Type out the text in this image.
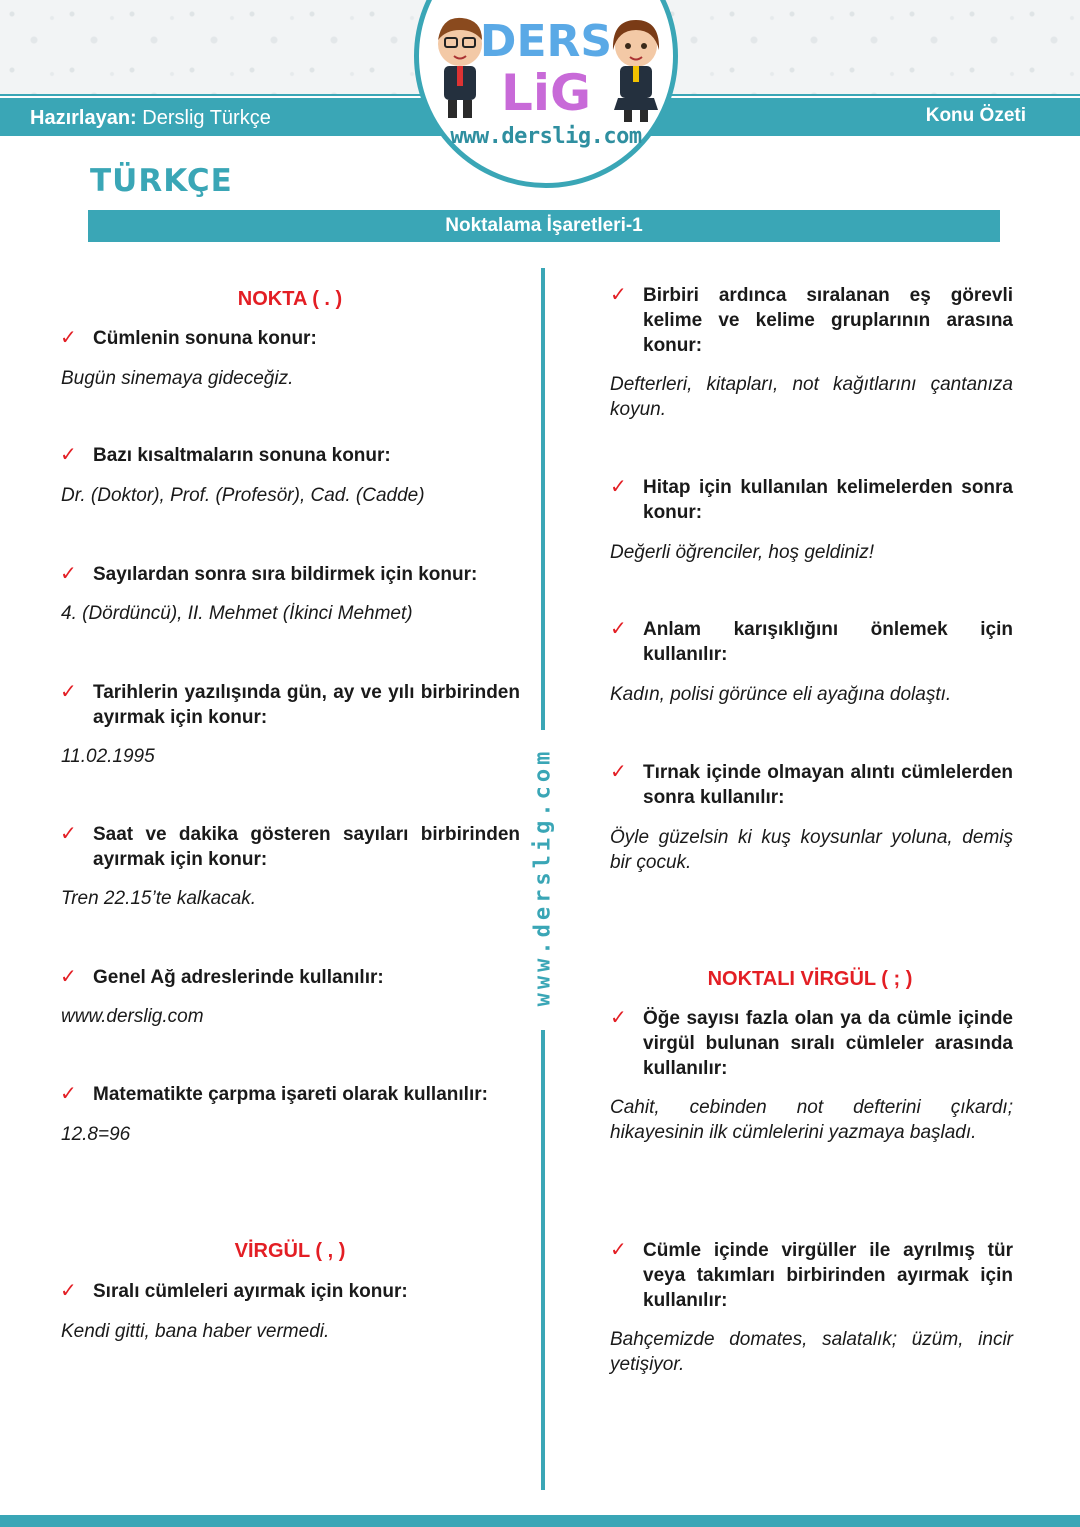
Hazırlayan: Derslig Türkçe	Konu Özeti
DERS
LiG
www.derslig.com
TÜRKÇE
Noktalama İşaretleri-1
www.derslig.com
NOKTA ( . )
✓ Cümlenin sonuna konur:
Bugün sinemaya gideceğiz.
✓ Bazı kısaltmaların sonuna konur:
Dr. (Doktor), Prof. (Profesör), Cad. (Cadde)
✓ Sayılardan sonra sıra bildirmek için konur:
4. (Dördüncü), II. Mehmet (İkinci Mehmet)
✓ Tarihlerin yazılışında gün, ay ve yılı birbirinden ayırmak için konur:
11.02.1995
✓ Saat ve dakika gösteren sayıları birbirinden ayırmak için konur:
Tren 22.15’te kalkacak.
✓ Genel Ağ adreslerinde kullanılır:
www.derslig.com
✓ Matematikte çarpma işareti olarak kullanılır:
12.8=96
VİRGÜL ( , )
✓ Sıralı cümleleri ayırmak için konur:
Kendi gitti, bana haber vermedi.
✓ Birbiri ardınca sıralanan eş görevli kelime ve kelime gruplarının arasına konur:
Defterleri, kitapları, not kağıtlarını çantanıza koyun.
✓ Hitap için kullanılan kelimelerden sonra konur:
Değerli öğrenciler, hoş geldiniz!
✓ Anlam karışıklığını önlemek için kullanılır:
Kadın, polisi görünce eli ayağına dolaştı.
✓ Tırnak içinde olmayan alıntı cümlelerden sonra kullanılır:
Öyle güzelsin ki kuş koysunlar yoluna, demiş bir çocuk.
NOKTALI VİRGÜL ( ; )
✓ Öğe sayısı fazla olan ya da cümle içinde virgül bulunan sıralı cümleler arasında kullanılır:
Cahit, cebinden not defterini çıkardı; hikayesinin ilk cümlelerini yazmaya başladı.
✓ Cümle içinde virgüller ile ayrılmış tür veya takımları birbirinden ayırmak için kullanılır:
Bahçemizde domates, salatalık; üzüm, incir yetişiyor.
